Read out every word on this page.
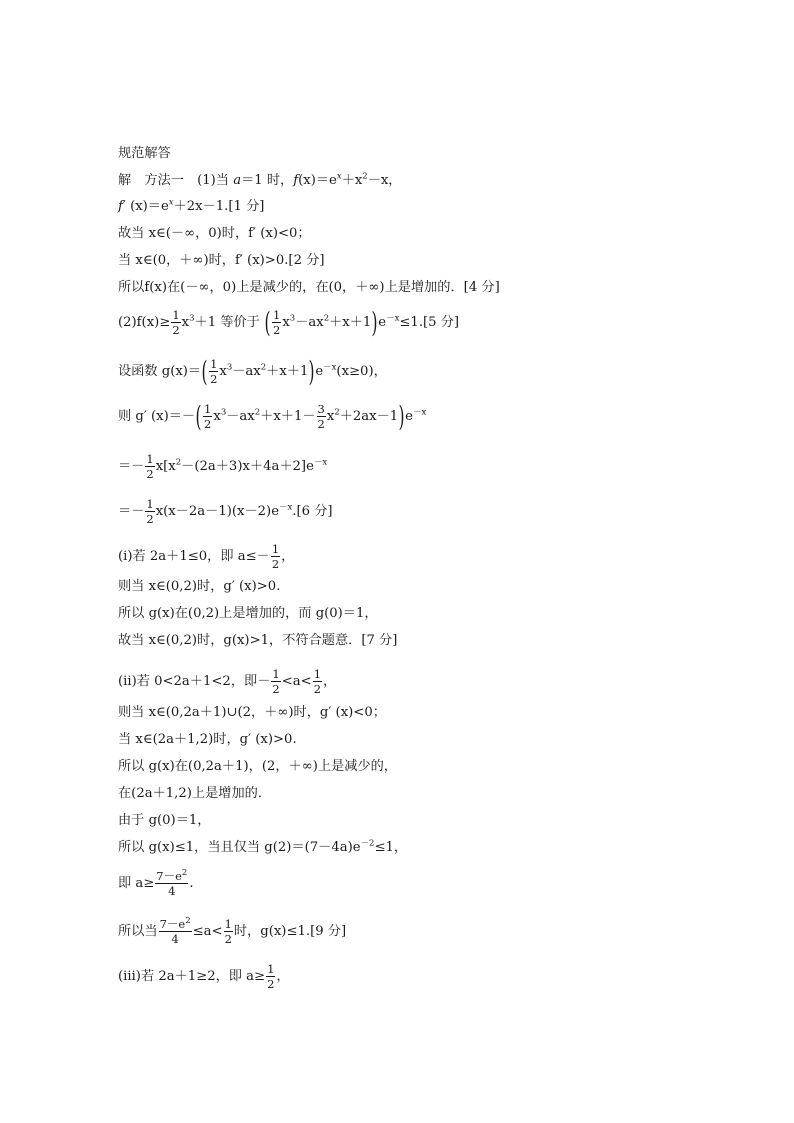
规范解答
解　方法一　(1)当 a＝1 时，$f(x)=e^x+x^2-x$，
f′ $(x)=e^x+2x-1.[1$ 分]
故当 x∈(－∞，0)时，f′ (x)<0；
当 x∈(0，＋∞)时，f′ (x)>0.[2 分]
所以f(x)在(－∞，0)上是减少的，在(0，＋∞)上是增加的．[4 分]
$(2)f(x)\ge \frac{1}{2} x^3+1$ 等价于 ( $\frac{1}{2} x^3-ax^2+x+1)e^{-x}\le 1.[5$ 分]
设函数 $g(x)=( \frac{1}{2} x^3-ax^2+x+1)e^{-x}(x\ge 0)$，
则 g′ $(x)=-( \frac{1}{2} x^3-ax^2+x+1- \frac{3}{2} x^2+2ax-1)e^{-x}$
＝－ $\frac{1}{2} x[x^2-(2a+3)x+4a+2]e^{-x}$
＝－ $\frac{1}{2} x(x-2a-1)(x-2)e^{-x}.[6$ 分]
(ⅰ)若 2a＋1≤0，即 $a\le- \frac{1}{2}$ ，
则当 x∈(0,2)时，g′ (x)>0.
所以 g(x)在(0,2)上是增加的，而 g(0)＝1，
故当 x∈(0,2)时，g(x)>1，不符合题意．[7 分]
(ⅱ)若 0<2a＋1<2，即－ $\frac{1}{2} <a< \frac{1}{2}$ ，
则当 x∈(0,2a＋1)∪(2，＋∞)时，g′ (x)<0；
当 x∈(2a＋1,2)时，g′ (x)>0.
所以 g(x)在(0,2a＋1)，(2，＋∞)上是减少的，
在(2a＋1,2)上是增加的．
由于 g(0)＝1，
所以 g(x)≤1，当且仅当 $g(2)=(7-4a)e^{-2}\le 1$，
即 $a\ge \frac{7-e^2}{4}$ .
所以当 $\frac{7-e^2}{4} \le a< \frac{1}{2}$ 时，g(x)≤1.[9 分]
(ⅲ)若 2a＋1≥2，即 $a\ge \frac{1}{2}$ ，
